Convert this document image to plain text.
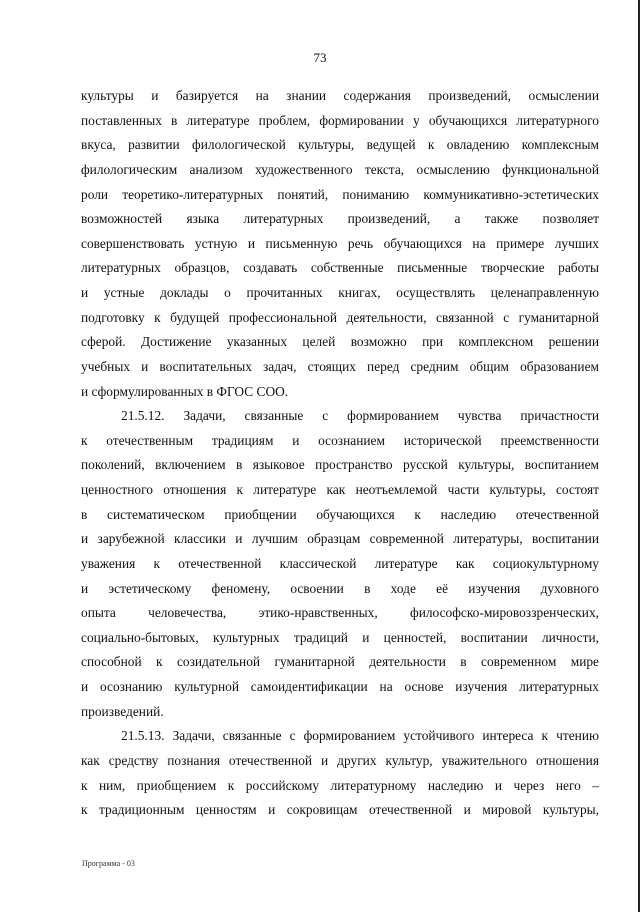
73
культуры и базируется на знании содержания произведений, осмыслении
поставленных в литературе проблем, формировании у обучающихся литературного
вкуса, развитии филологической культуры, ведущей к овладению комплексным
филологическим анализом художественного текста, осмыслению функциональной
роли теоретико-литературных понятий, пониманию коммуникативно-эстетических
возможностей языка литературных произведений, а также позволяет
совершенствовать устную и письменную речь обучающихся на примере лучших
литературных образцов, создавать собственные письменные творческие работы
и устные доклады о прочитанных книгах, осуществлять целенаправленную
подготовку к будущей профессиональной деятельности, связанной с гуманитарной
сферой. Достижение указанных целей возможно при комплексном решении
учебных и воспитательных задач, стоящих перед средним общим образованием
и сформулированных в ФГОС СОО.
21.5.12. Задачи, связанные с формированием чувства причастности
к отечественным традициям и осознанием исторической преемственности
поколений, включением в языковое пространство русской культуры, воспитанием
ценностного отношения к литературе как неотъемлемой части культуры, состоят
в систематическом приобщении обучающихся к наследию отечественной
и зарубежной классики и лучшим образцам современной литературы, воспитании
уважения к отечественной классической литературе как социокультурному
и эстетическому феномену, освоении в ходе её изучения духовного
опыта человечества, этико-нравственных, философско-мировоззренческих,
социально-бытовых, культурных традиций и ценностей, воспитании личности,
способной к созидательной гуманитарной деятельности в современном мире
и осознанию культурной самоидентификации на основе изучения литературных
произведений.
21.5.13. Задачи, связанные с формированием устойчивого интереса к чтению
как средству познания отечественной и других культур, уважительного отношения
к ним, приобщением к российскому литературному наследию и через него –
к традиционным ценностям и сокровищам отечественной и мировой культуры,
Программа - 03
